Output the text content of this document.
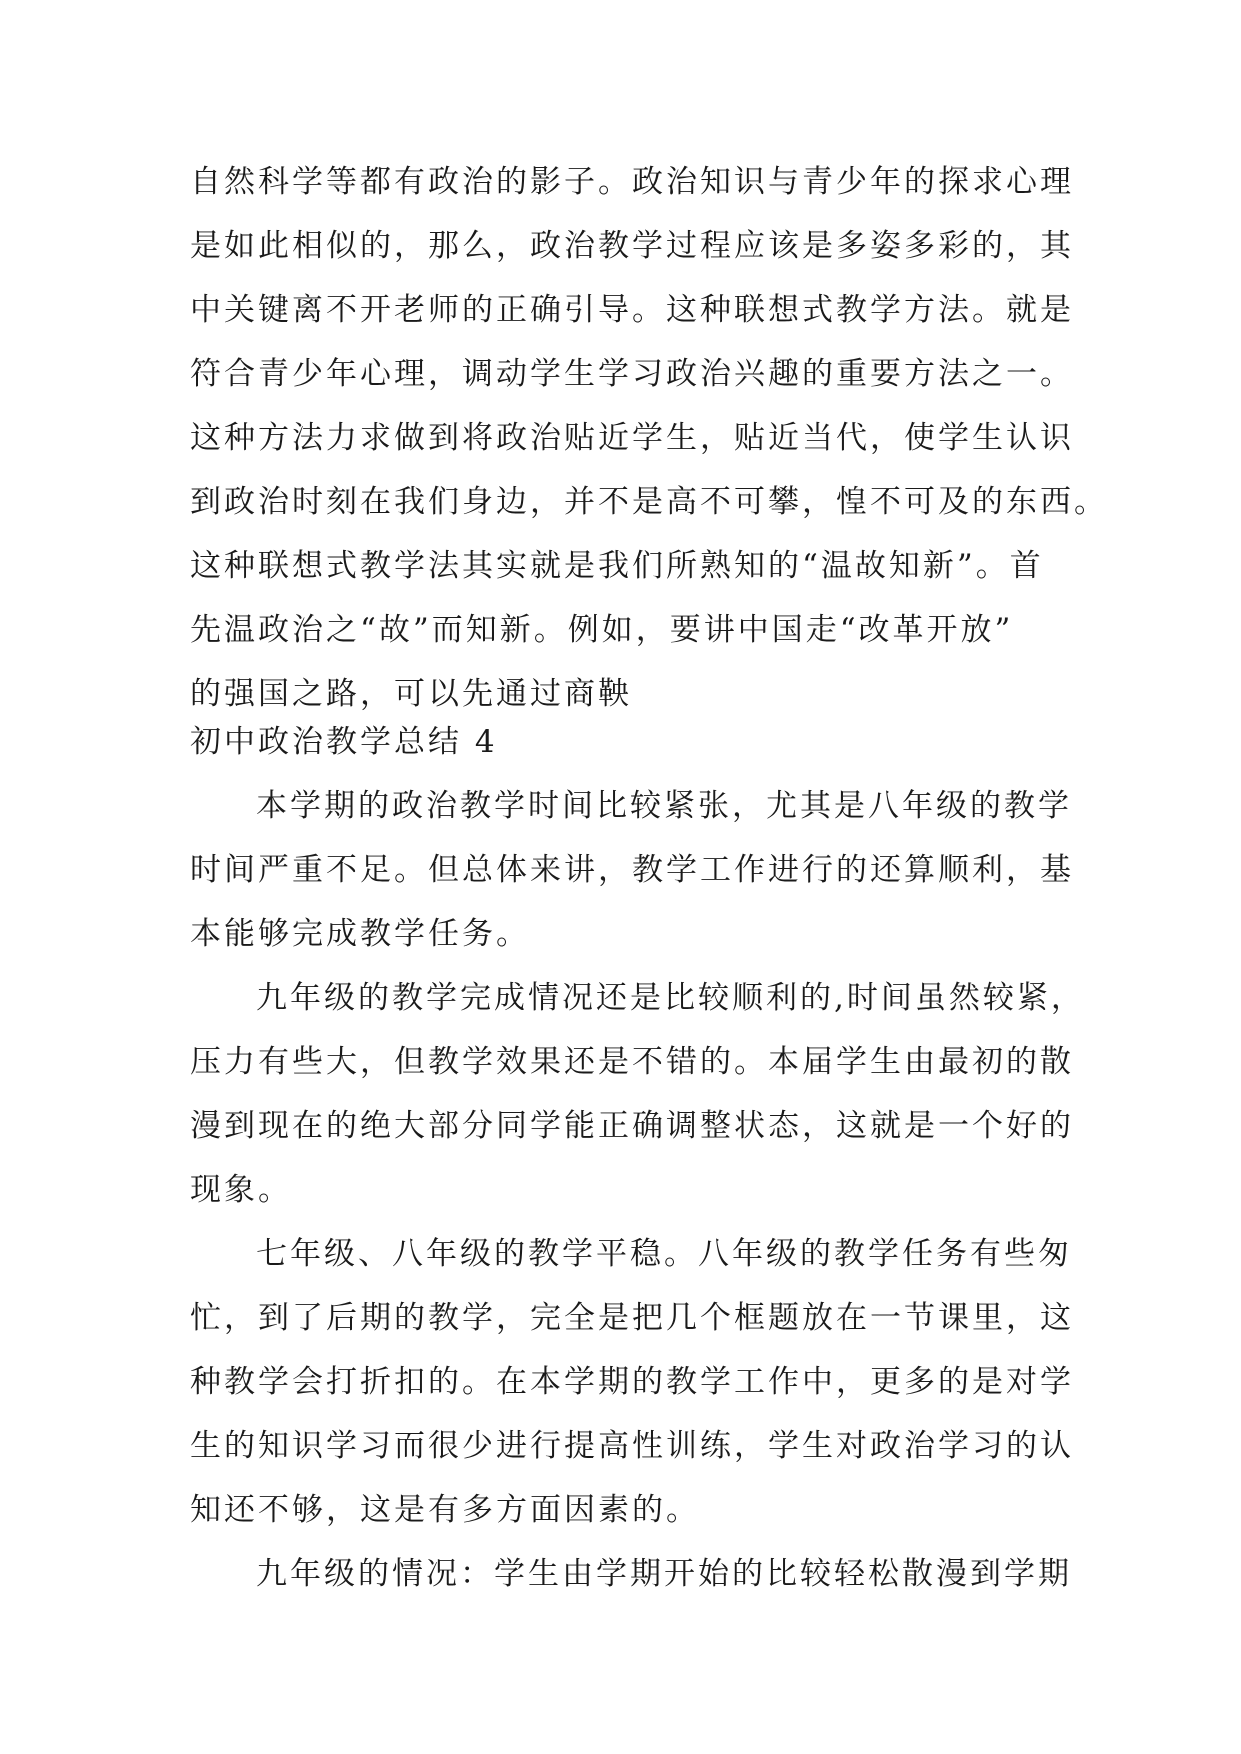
自然科学等都有政治的影子。政治知识与青少年的探求心理
是如此相似的，那么，政治教学过程应该是多姿多彩的，其
中关键离不开老师的正确引导。这种联想式教学方法。就是
符合青少年心理，调动学生学习政治兴趣的重要方法之一。
这种方法力求做到将政治贴近学生，贴近当代，使学生认识
到政治时刻在我们身边，并不是高不可攀，惶不可及的东西。
这种联想式教学法其实就是我们所熟知的“温故知新”。首
先温政治之“故”而知新。例如，要讲中国走“改革开放”
的强国之路，可以先通过商鞅
初中政治教学总结 4
本学期的政治教学时间比较紧张，尤其是八年级的教学
时间严重不足。但总体来讲，教学工作进行的还算顺利，基
本能够完成教学任务。
九年级的教学完成情况还是比较顺利的,时间虽然较紧，
压力有些大，但教学效果还是不错的。本届学生由最初的散
漫到现在的绝大部分同学能正确调整状态，这就是一个好的
现象。
七年级、八年级的教学平稳。八年级的教学任务有些匆
忙，到了后期的教学，完全是把几个框题放在一节课里，这
种教学会打折扣的。在本学期的教学工作中，更多的是对学
生的知识学习而很少进行提高性训练，学生对政治学习的认
知还不够，这是有多方面因素的。
九年级的情况：学生由学期开始的比较轻松散漫到学期
